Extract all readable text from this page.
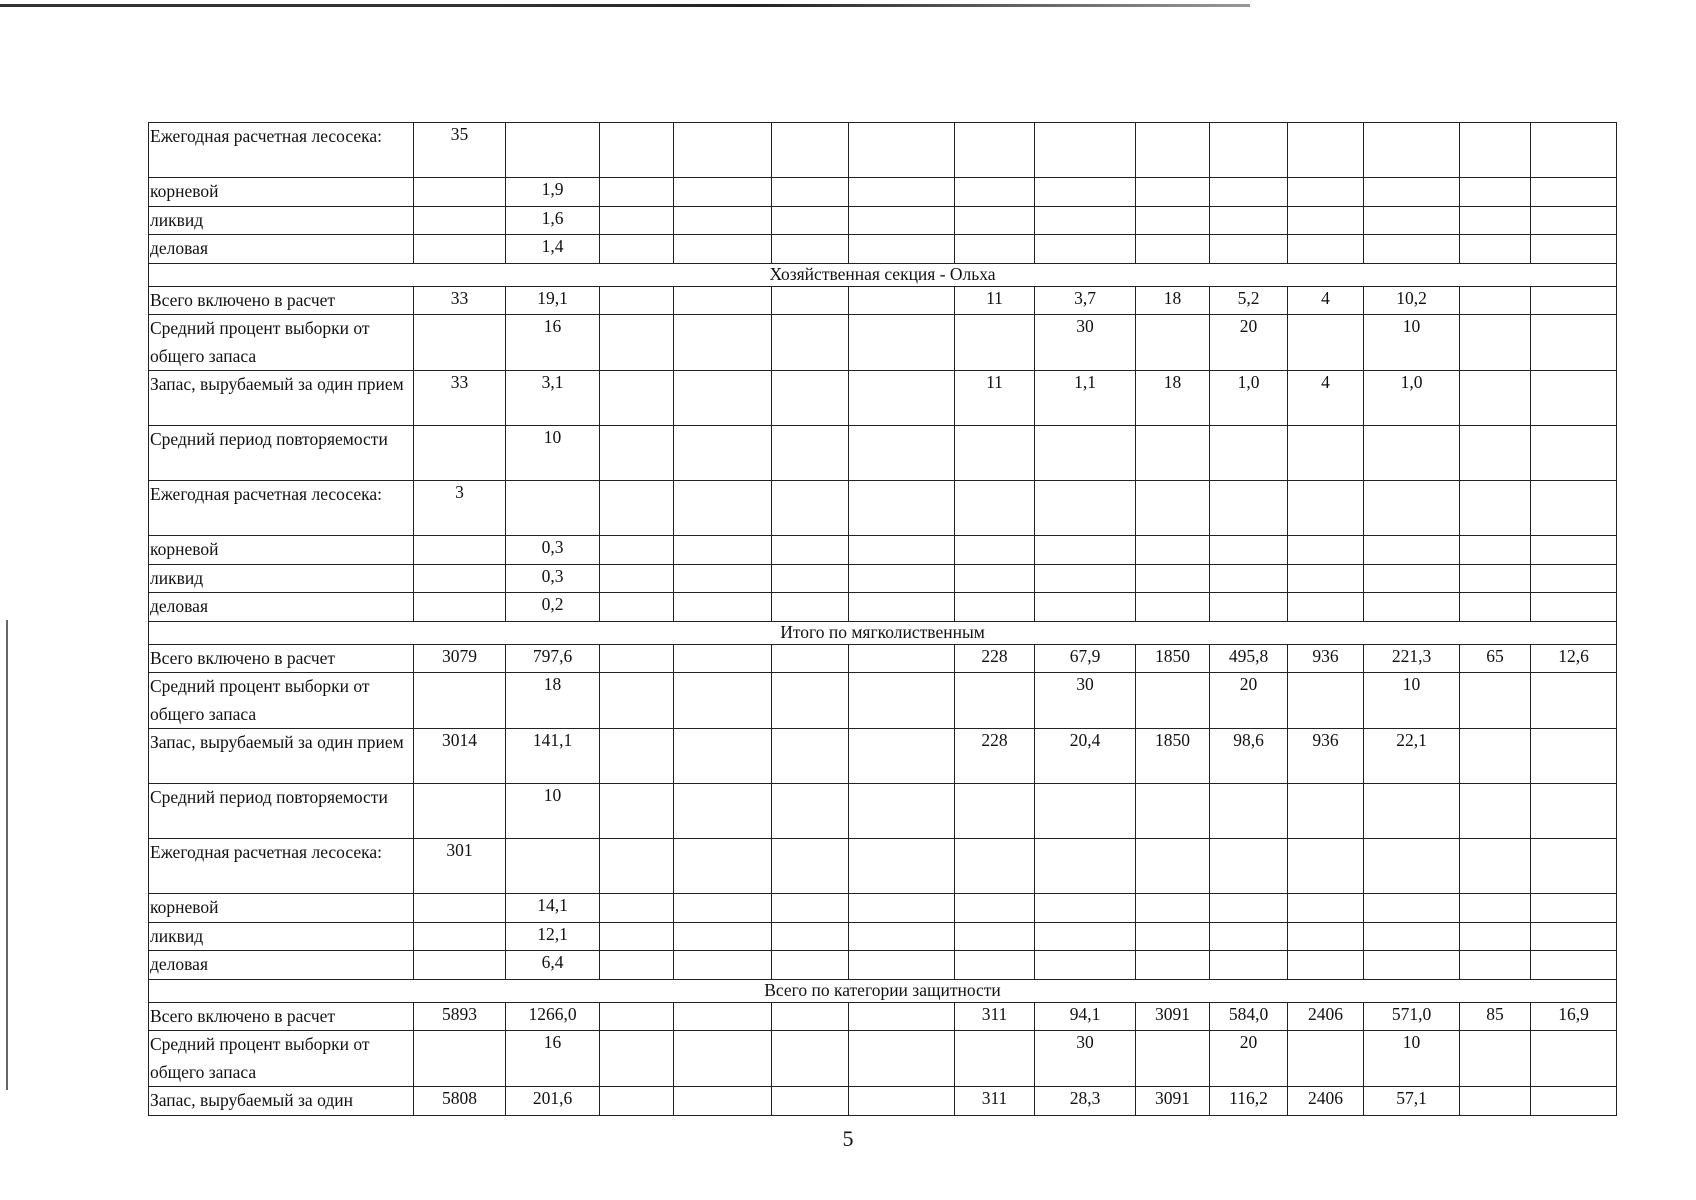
Ежегодная расчетная лесосека:	35													
корневой		1,9												
ликвид		1,6												
деловая		1,4												
Хозяйственная секция - Ольха														
Всего включено в расчет	33	19,1					11	3,7	18	5,2	4	10,2		
Средний процент выборки от общего запаса		16						30		20		10		
Запас, вырубаемый за один прием	33	3,1					11	1,1	18	1,0	4	1,0		
Средний период повторяемости		10												
Ежегодная расчетная лесосека:	3													
корневой		0,3												
ликвид		0,3												
деловая		0,2												
Итого по мягколиственным														
Всего включено в расчет	3079	797,6					228	67,9	1850	495,8	936	221,3	65	12,6
Средний процент выборки от общего запаса		18						30		20		10		
Запас, вырубаемый за один прием	3014	141,1					228	20,4	1850	98,6	936	22,1		
Средний период повторяемости		10												
Ежегодная расчетная лесосека:	301													
корневой		14,1												
ликвид		12,1												
деловая		6,4												
Всего по категории защитности														
Всего включено в расчет	5893	1266,0					311	94,1	3091	584,0	2406	571,0	85	16,9
Средний процент выборки от общего запаса		16						30		20		10		
Запас, вырубаемый за один	5808	201,6					311	28,3	3091	116,2	2406	57,1		
5
